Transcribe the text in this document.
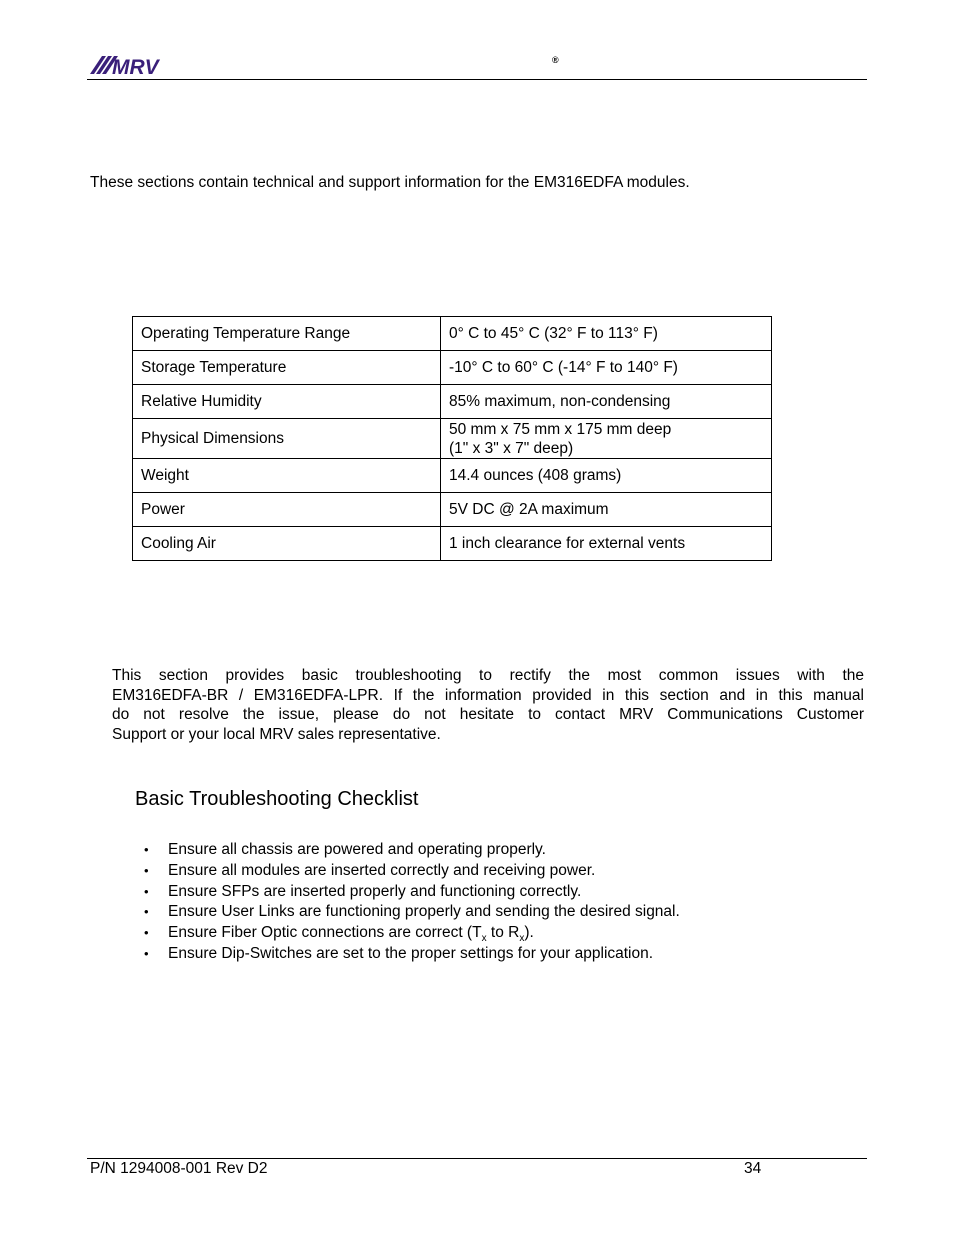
MRV	®
These sections contain technical and support information for the EM316EDFA modules.
Operating Temperature Range	0° C to 45° C (32° F to 113° F)
Storage Temperature	-10° C to 60° C (-14° F to 140° F)
Relative Humidity	85% maximum, non-condensing
Physical Dimensions	50 mm x 75 mm x 175 mm deep
(1" x 3" x 7" deep)

Weight	14.4 ounces (408 grams)
Power	5V DC @ 2A maximum
Cooling Air	1 inch clearance for external vents
This section provides basic troubleshooting to rectify the most common issues with the
EM316EDFA-BR / EM316EDFA-LPR. If the information provided in this section and in this manual
do not resolve the issue, please do not hesitate to contact MRV Communications Customer
Support or your local MRV sales representative.
Basic Troubleshooting Checklist
• Ensure all chassis are powered and operating properly.
• Ensure all modules are inserted correctly and receiving power.
• Ensure SFPs are inserted properly and functioning correctly.
• Ensure User Links are functioning properly and sending the desired signal.
• Ensure Fiber Optic connections are correct ($T_x$ to $R_x$).
• Ensure Dip-Switches are set to the proper settings for your application.
P/N 1294008-001 Rev D2	34
